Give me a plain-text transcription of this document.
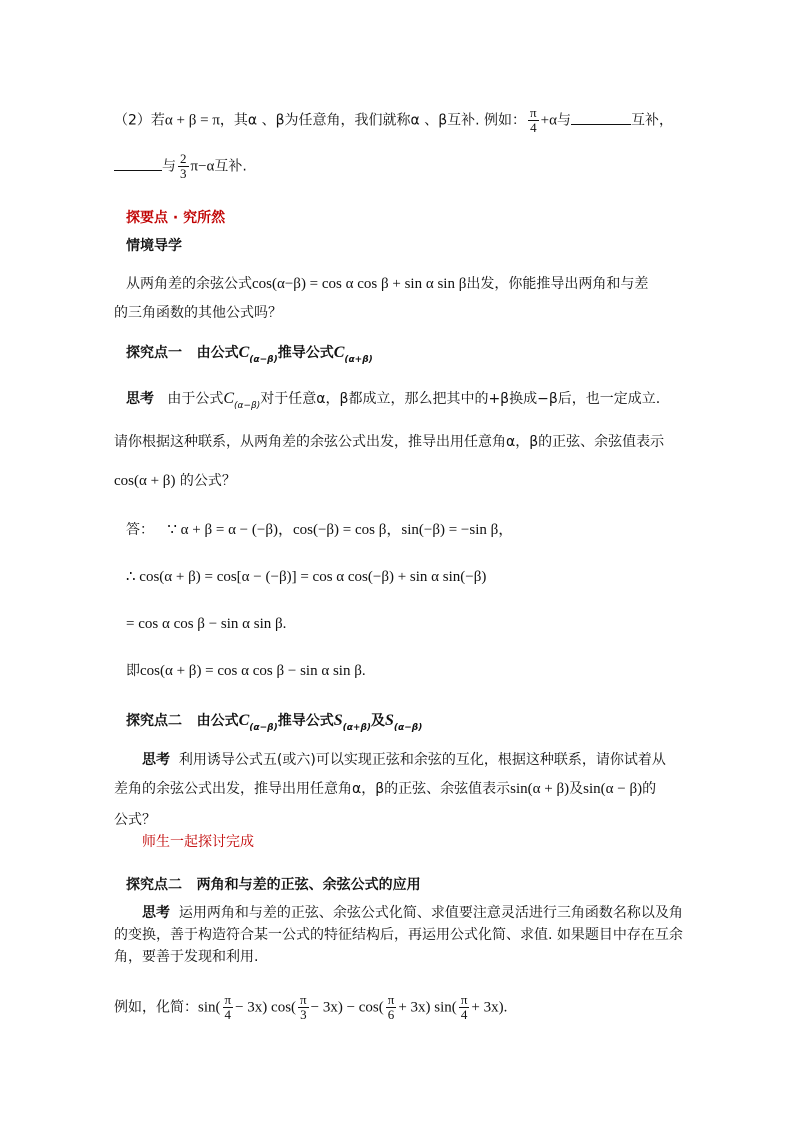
（2）若α + β = π，其α 、β为任意角，我们就称α 、β互补. 例如： $\frac{\pi}{4} +\alpha$与	互补，
与 $\frac{2}{3} \pi-\alpha$互补.
探要点 · 究所然
情境导学
从两角差的余弦公式cos(α−β) = cos α cos β + sin α sin β出发，你能推导出两角和与差
的三角函数的其他公式吗？
探究点一 由公式$C_{(\alpha-\beta)}$推导公式$C_{(\alpha+\beta)}$
思考 由于公式$C_{(\alpha-\beta)}$对于任意α，β都成立，那么把其中的+β换成−β后，也一定成立.
请你根据这种联系，从两角差的余弦公式出发，推导出用任意角α，β的正弦、余弦值表示
cos(α + β) 的公式？
答： ∵ α + β = α − (−β)，cos(−β) = cos β，sin(−β) = −sin β，
∴ cos(α + β) = cos[α − (−β)] = cos α cos(−β) + sin α sin(−β)
= cos α cos β − sin α sin β.
即cos(α + β) = cos α cos β − sin α sin β.
探究点二 由公式$C_{(\alpha-\beta)}$推导公式$S_{(\alpha+\beta)}$及$S_{(\alpha-\beta)}$
思考 利用诱导公式五(或六)可以实现正弦和余弦的互化，根据这种联系，请你试着从
差角的余弦公式出发，推导出用任意角α，β的正弦、余弦值表示sin(α + β)及sin(α − β)的
公式？
师生一起探讨完成
探究点二 两角和与差的正弦、余弦公式的应用
思考 运用两角和与差的正弦、余弦公式化简、求值要注意灵活进行三角函数名称以及角
的变换，善于构造符合某一公式的特征结构后，再运用公式化简、求值. 如果题目中存在互余
角，要善于发现和利用.
例如，化简：$\sin( \frac{\pi}{4} - 3x)$ $\cos( \frac{\pi}{3} - 3x) - \cos( \frac{\pi}{6} + 3x)$ $\sin( \frac{\pi}{4} + 3x)$.
